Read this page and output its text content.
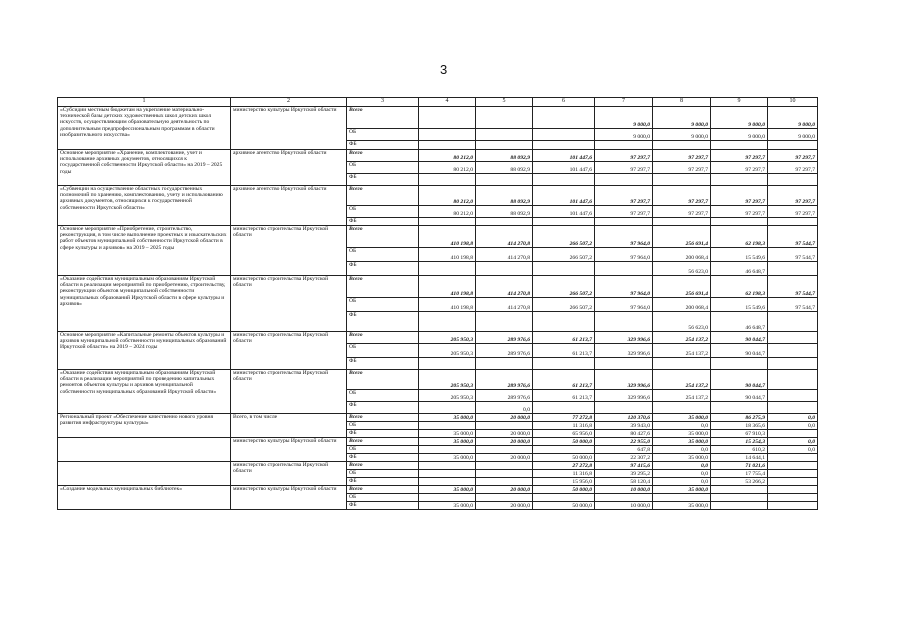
3
1	2	3	4	5	6	7	8	9	10
«Субсидии местным бюджетам на укрепление материально-технической базы детских художественных школ детских школ искусств, осуществляющим образовательную деятельность по дополнительным предпрофессиональным программам в области изобразительного искусства»	министерство культуры Иркутской области	Всего				9 000,0	9 000,0	9 000,0	9 000,0
		ОБ				9 000,0	9 000,0	9 000,0	9 000,0
		ФБ							
Основное мероприятие «Хранение, комплектование, учет и использование архивных документов, относящихся к государственной собственности Иркутской области» на 2019 – 2025 годы	архивное агентство Иркутской области	Всего	80 212,0	88 092,9	101 447,6	97 297,7	97 297,7	97 297,7	97 297,7
		ОБ	80 212,0	88 092,9	101 447,6	97 297,7	97 297,7	97 297,7	97 297,7
		ФБ							
«Субвенции на осуществление областных государственных полномочий по хранению, комплектованию, учету и использованию архивных документов, относящихся к государственной собственности Иркутской области»	архивное агентство Иркутской области	Всего	80 212,0	88 092,9	101 447,6	97 297,7	97 297,7	97 297,7	97 297,7
		ОБ	80 212,0	88 092,9	101 447,6	97 297,7	97 297,7	97 297,7	97 297,7
		ФБ							
Основное мероприятие «Приобретение, строительство, реконструкция, в том числе выполнение проектных и изыскательских работ объектов муниципальной собственности Иркутской области в сфере культуры и архивов» на 2019 – 2025 годы	министерство строительства Иркутской области	Всего	410 198,8	414 270,8	266 507,2	97 964,0	256 691,4	62 198,3	97 544,7
		ОБ	410 198,8	414 270,8	266 507,2	97 964,0	200 068,4	15 549,6	97 544,7
		ФБ					56 623,0	46 648,7	
«Оказание содействия муниципальным образованиям Иркутской области в реализации мероприятий по приобретению, строительству, реконструкции объектов муниципальной собственности муниципальных образований Иркутской области в сфере культуры и архивов»	министерство строительства Иркутской области	Всего	410 198,8	414 270,8	266 507,2	97 964,0	256 691,4	62 198,3	97 544,7
		ОБ	410 198,8	414 270,8	266 507,2	97 964,0	200 068,4	15 549,6	97 544,7
		ФБ					56 623,0	46 648,7	
Основное мероприятие «Капитальные ремонты объектов культуры и архивов муниципальной собственности муниципальных образований Иркутской области» на 2019 – 2024 годы	министерство строительства Иркутской области	Всего	205 950,3	289 976,6	61 213,7	329 996,6	254 137,2	90 044,7	
		ОБ	205 950,3	289 976,6	61 213,7	329 996,6	254 137,2	90 044,7	
		ФБ							
«Оказание содействия муниципальным образованиям Иркутской области в реализации мероприятий по проведению капитальных ремонтов объектов культуры и архивов муниципальной собственности муниципальных образований Иркутской области»	министерство строительства Иркутской области	Всего	205 950,3	289 976,6	61 213,7	329 996,6	254 137,2	90 044,7	
		ОБ	205 950,3	289 976,6	61 213,7	329 996,6	254 137,2	90 044,7	
		ФБ		0,0					
Региональный проект «Обеспечение качественно нового уровня развития инфраструктуры культуры»	Всего, в том числе	Всего	35 000,0	20 000,0	77 272,8	120 370,6	35 000,0	86 275,9	0,0
		ОБ			11 316,8	39 943,0	0,0	18 365,6	0,0
		ФБ	35 000,0	20 000,0	65 956,0	80 427,6	35 000,0	67 910,3	
	министерство культуры Иркутской области	Всего	35 000,0	20 000,0	50 000,0	22 955,0	35 000,0	15 254,3	0,0
		ОБ				647,8	0,0	610,2	0,0
		ФБ	35 000,0	20 000,0	50 000,0	22 307,2	35 000,0	14 644,1	
	министерство строительства Иркутской области	Всего			27 272,8	97 415,6	0,0	71 021,6	
		ОБ			11 316,8	39 295,2	0,0	17 755,4	
		ФБ			15 956,0	58 120,4	0,0	53 266,2	
«Создание модельных муниципальных библиотек»	министерство культуры Иркутской области	Всего	35 000,0	20 000,0	50 000,0	10 000,0	35 000,0		
		ОБ							
		ФБ	35 000,0	20 000,0	50 000,0	10 000,0	35 000,0		
